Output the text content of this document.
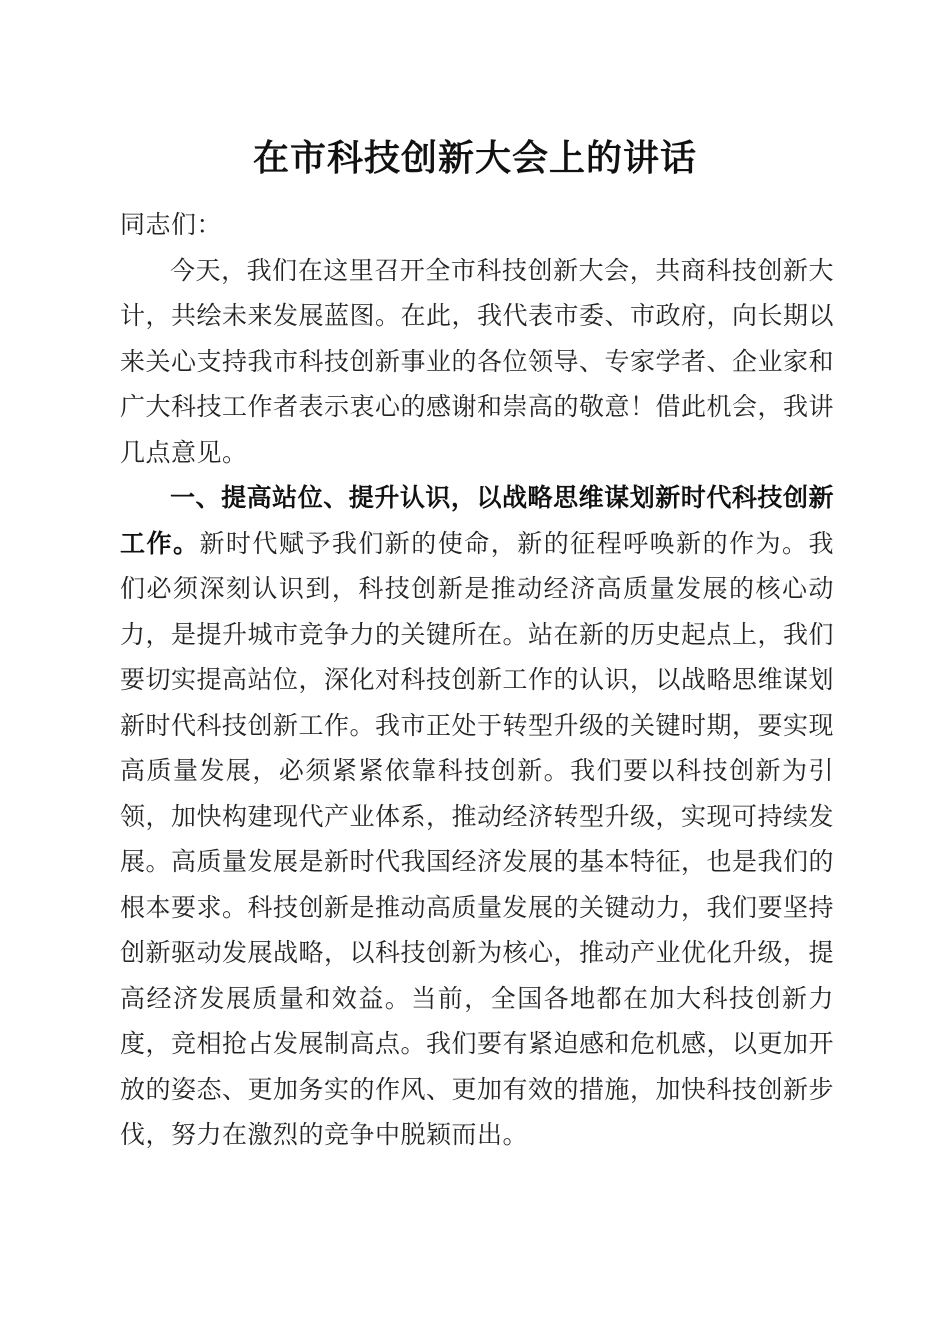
在市科技创新大会上的讲话

同志们：

今天，我们在这里召开全市科技创新大会，共商科技创新大计，共绘未来发展蓝图。在此，我代表市委、市政府，向长期以来关心支持我市科技创新事业的各位领导、专家学者、企业家和广大科技工作者表示衷心的感谢和崇高的敬意！借此机会，我讲几点意见。

一、提高站位、提升认识，以战略思维谋划新时代科技创新工作。新时代赋予我们新的使命，新的征程呼唤新的作为。我们必须深刻认识到，科技创新是推动经济高质量发展的核心动力，是提升城市竞争力的关键所在。站在新的历史起点上，我们要切实提高站位，深化对科技创新工作的认识，以战略思维谋划新时代科技创新工作。我市正处于转型升级的关键时期，要实现高质量发展，必须紧紧依靠科技创新。我们要以科技创新为引领，加快构建现代产业体系，推动经济转型升级，实现可持续发展。高质量发展是新时代我国经济发展的基本特征，也是我们的根本要求。科技创新是推动高质量发展的关键动力，我们要坚持创新驱动发展战略，以科技创新为核心，推动产业优化升级，提高经济发展质量和效益。当前，全国各地都在加大科技创新力度，竞相抢占发展制高点。我们要有紧迫感和危机感，以更加开放的姿态、更加务实的作风、更加有效的措施，加快科技创新步伐，努力在激烈的竞争中脱颖而出。
